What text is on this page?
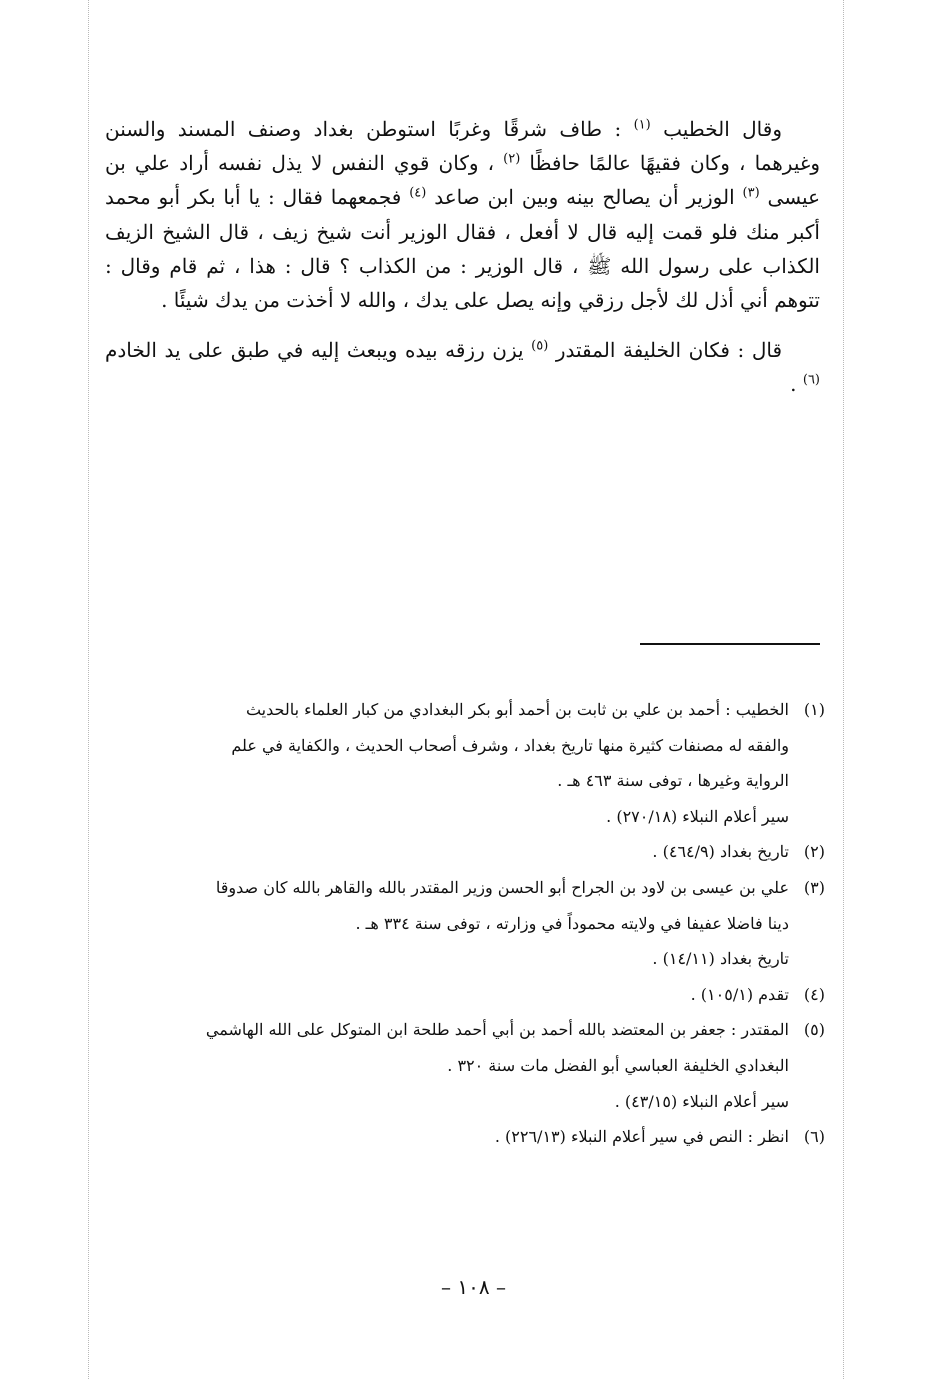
وقال الخطيب $^{(١)}$ : طاف شرقًا وغربًا استوطن بغداد وصنف المسند والسنن وغيرهما ، وكان فقيهًا عالمًا حافظًا $^{(٢)}$ ، وكان قوي النفس لا يذل نفسه أراد علي بن عيسى $^{(٣)}$ الوزير أن يصالح بينه وبين ابن صاعد $^{(٤)}$ فجمعهما فقال : يا أبا بكر أبو محمد أكبر منك فلو قمت إليه قال لا أفعل ، فقال الوزير أنت شيخ زيف ، قال الشيخ الزيف الكذاب على رسول الله ﷺ ، قال الوزير : من الكذاب ؟ قال : هذا ، ثم قام وقال : تتوهم أني أذل لك لأجل رزقي وإنه يصل على يدك ، والله لا أخذت من يدك شيئًا .

قال : فكان الخليفة المقتدر $^{(٥)}$ يزن رزقه بيده ويبعث إليه في طبق على يد الخادم $^{(٦)}$ .

(١)
الخطيب : أحمد بن علي بن ثابت بن أحمد أبو بكر البغدادي من كبار العلماء بالحديث
والفقه له مصنفات كثيرة منها تاريخ بغداد ، وشرف أصحاب الحديث ، والكفاية في علم
الرواية وغيرها ، توفى سنة ٤٦٣ هـ .
سير أعلام النبلاء (٢٧٠/١٨) .
(٢)
تاريخ بغداد (٤٦٤/٩) .
(٣)
علي بن عيسى بن لاود بن الجراح أبو الحسن وزير المقتدر بالله والقاهر بالله كان صدوقا
دينا فاضلا عفيفا في ولايته محموداً في وزارته ، توفى سنة ٣٣٤ هـ .
تاريخ بغداد (١٤/١١) .
(٤)
تقدم (١٠٥/١) .
(٥)
المقتدر : جعفر بن المعتضد بالله أحمد بن أبي أحمد طلحة ابن المتوكل على الله الهاشمي
البغدادي الخليفة العباسي أبو الفضل مات سنة ٣٢٠ .
سير أعلام النبلاء (٤٣/١٥) .
(٦)
انظر : النص في سير أعلام النبلاء (٢٢٦/١٣) .
– ١٠٨ –
